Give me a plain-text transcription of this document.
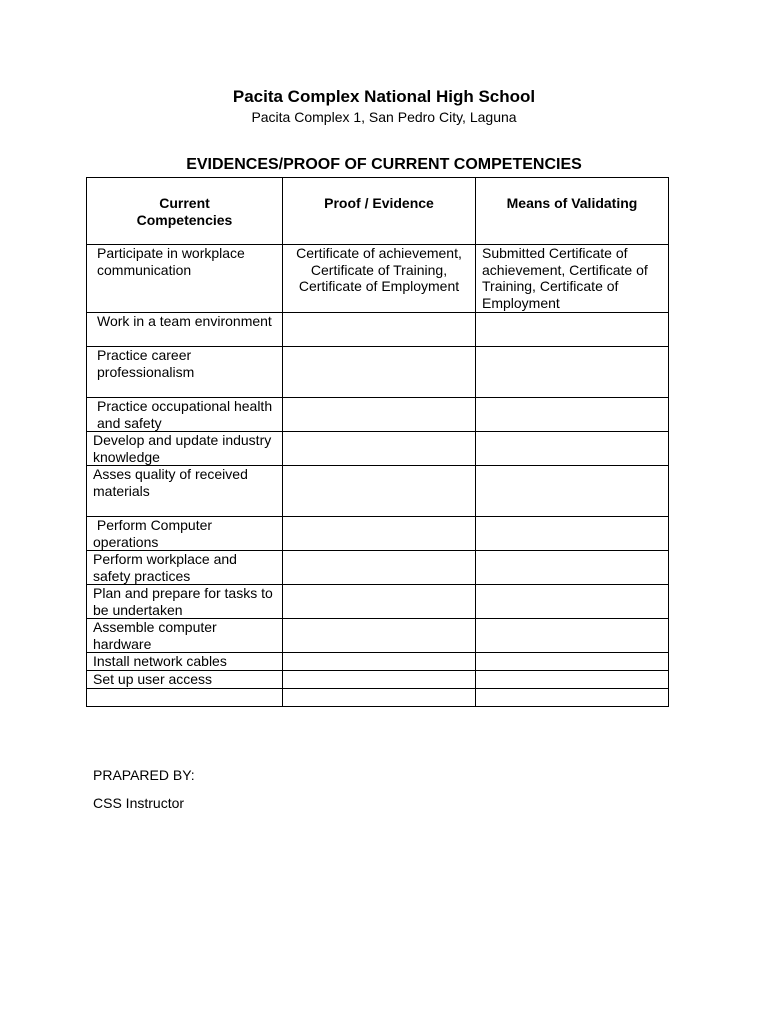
Pacita Complex National High School
Pacita Complex 1, San Pedro City, Laguna
EVIDENCES/PROOF OF CURRENT COMPETENCIES
Current Competencies	Proof / Evidence	Means of Validating
Participate in workplace communication	Certificate of achievement, Certificate of Training, Certificate of Employment	Submitted Certificate of achievement, Certificate of Training, Certificate of Employment
Work in a team environment		
Practice career professionalism		
Practice occupational health and safety		
Develop and update industry knowledge		
Asses quality of received materials		
Perform Computer operations		
Perform workplace and safety practices		
Plan and prepare for tasks to be undertaken		
Assemble computer hardware		
Install network cables		
Set up user access		

PRAPARED BY:
CSS Instructor
